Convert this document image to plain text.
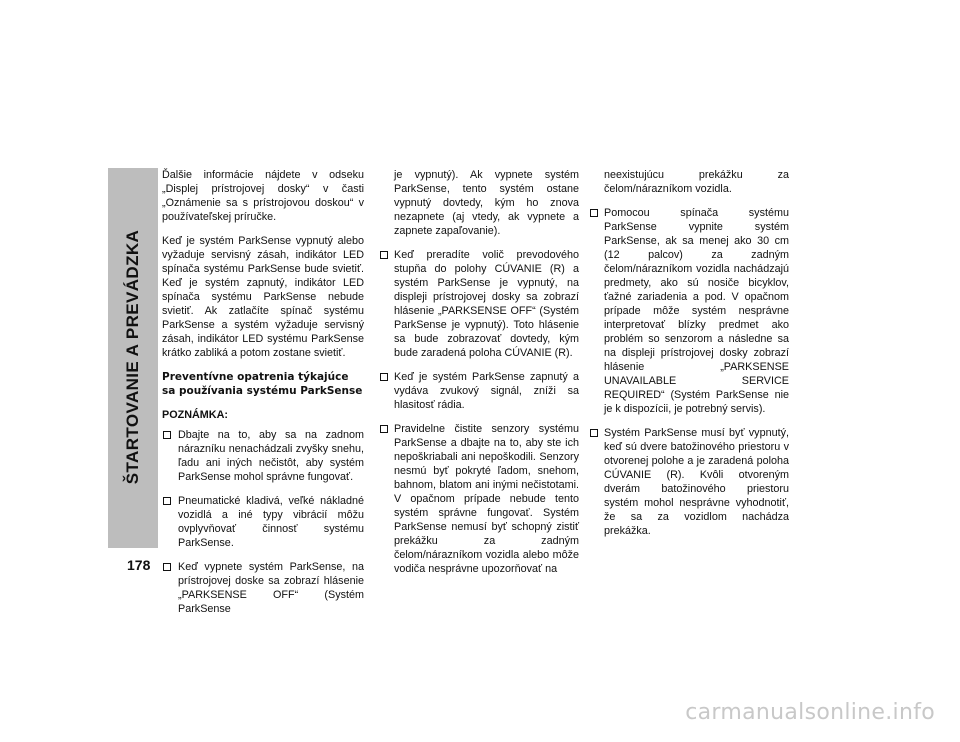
ŠTARTOVANIE A PREVÁDZKA
178

Ďalšie informácie nájdete v odseku „Displej prístrojovej dosky“ v časti „Oznámenie sa s prístrojovou doskou“ v používateľskej príručke.

Keď je systém ParkSense vypnutý alebo vyžaduje servisný zásah, indikátor LED spínača systému ParkSense bude svietiť. Keď je systém zapnutý, indikátor LED spínača systému ParkSense nebude svietiť. Ak zatlačíte spínač systému ParkSense a systém vyžaduje servisný zásah, indikátor LED systému ParkSense krátko zabliká a potom zostane svietiť.

Preventívne opatrenia týkajúce sa používania systému ParkSense
POZNÁMKA:
Dbajte na to, aby sa na zadnom nárazníku nenachádzali zvyšky snehu, ľadu ani iných nečistôt, aby systém ParkSense mohol správne fungovať.
Pneumatické kladivá, veľké nákladné vozidlá a iné typy vibrácií môžu ovplyvňovať činnosť systému ParkSense.
Keď vypnete systém ParkSense, na prístrojovej doske sa zobrazí hlásenie „PARKSENSE OFF“ (Systém ParkSense

je vypnutý). Ak vypnete systém ParkSense, tento systém ostane vypnutý dovtedy, kým ho znova nezapnete (aj vtedy, ak vypnete a zapnete zapaľovanie).

Keď preradíte volič prevodového stupňa do polohy CÚVANIE (R) a systém ParkSense je vypnutý, na displeji prístrojovej dosky sa zobrazí hlásenie „PARKSENSE OFF“ (Systém ParkSense je vypnutý). Toto hlásenie sa bude zobrazovať dovtedy, kým bude zaradená poloha CÚVANIE (R).
Keď je systém ParkSense zapnutý a vydáva zvukový signál, zníži sa hlasitosť rádia.
Pravidelne čistite senzory systému ParkSense a dbajte na to, aby ste ich nepoškriabali ani nepoškodili. Senzory nesmú byť pokryté ľadom, snehom, bahnom, blatom ani inými nečistotami. V opačnom prípade nebude tento systém správne fungovať. Systém ParkSense nemusí byť schopný zistiť prekážku za zadným čelom/nárazníkom vozidla alebo môže vodiča nesprávne upozorňovať na

neexistujúcu prekážku za čelom/nárazníkom vozidla.

Pomocou spínača systému ParkSense vypnite systém ParkSense, ak sa menej ako 30 cm (12 palcov) za zadným čelom/nárazníkom vozidla nachádzajú predmety, ako sú nosiče bicyklov, ťažné zariadenia a pod. V opačnom prípade môže systém nesprávne interpretovať blízky predmet ako problém so senzorom a následne sa na displeji prístrojovej dosky zobrazí hlásenie „PARKSENSE UNAVAILABLE SERVICE REQUIRED“ (Systém ParkSense nie je k dispozícii, je potrebný servis).
Systém ParkSense musí byť vypnutý, keď sú dvere batožinového priestoru v otvorenej polohe a je zaradená poloha CÚVANIE (R). Kvôli otvoreným dverám batožinového priestoru systém mohol nesprávne vyhodnotiť, že sa za vozidlom nachádza prekážka.
carmanualsonline.info
